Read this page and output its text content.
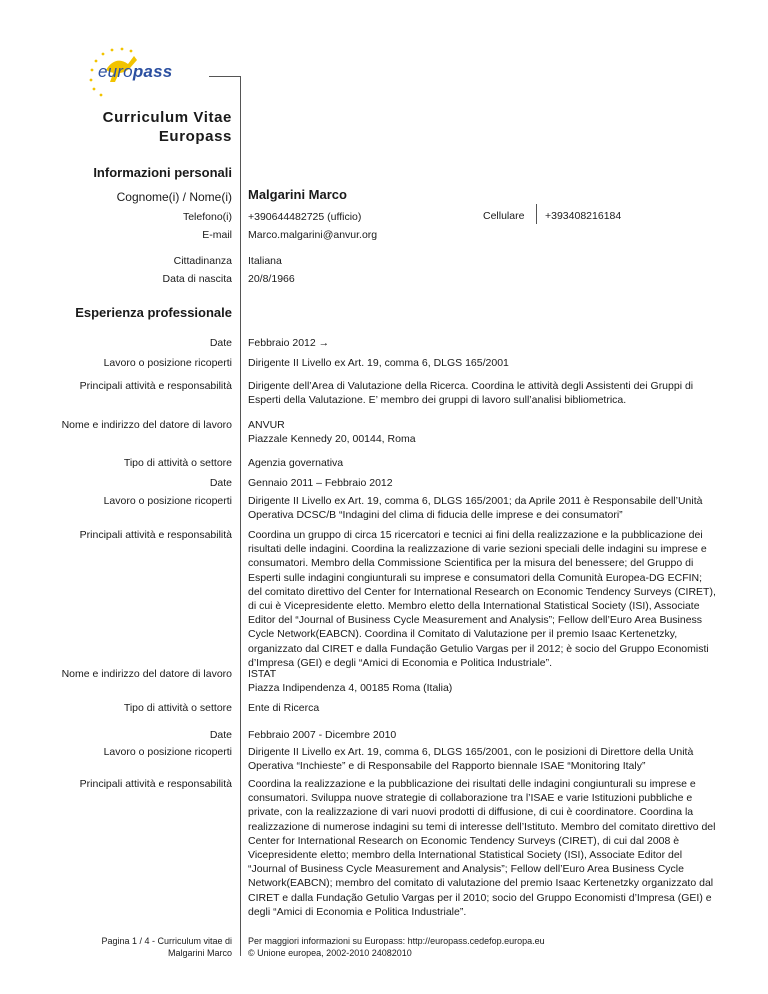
europass
Curriculum Vitae
Europass
Informazioni personali
Cognome(i) / Nome(i) Malgarini Marco
Telefono(i) +390644482725 (ufficio)	Cellulare +393408216184
E-mail Marco.malgarini@anvur.org
Cittadinanza Italiana
Data di nascita 20/8/1966
Esperienza professionale
Date Febbraio 2012 →
Lavoro o posizione ricoperti Dirigente II Livello ex Art. 19, comma 6, DLGS 165/2001
Principali attività e responsabilità Dirigente dell’Area di Valutazione della Ricerca. Coordina le attività degli Assistenti dei Gruppi di Esperti della Valutazione. E’ membro dei gruppi di lavoro sull’analisi bibliometrica.
Nome e indirizzo del datore di lavoro ANVUR
Piazzale Kennedy 20, 00144, Roma
Tipo di attività o settore Agenzia governativa
Date Gennaio 2011 – Febbraio 2012
Lavoro o posizione ricoperti Dirigente II Livello ex Art. 19, comma 6, DLGS 165/2001; da Aprile 2011 è Responsabile dell’Unità Operativa DCSC/B “Indagini del clima di fiducia delle imprese e dei consumatori”
Principali attività e responsabilità Coordina un gruppo di circa 15 ricercatori e tecnici ai fini della realizzazione e la pubblicazione dei risultati delle indagini. Coordina la realizzazione di varie sezioni speciali delle indagini su imprese e consumatori. Membro della Commissione Scientifica per la misura del benessere; del Gruppo di Esperti sulle indagini congiunturali su imprese e consumatori della Comunità Europea-DG ECFIN; del comitato direttivo del Center for International Research on Economic Tendency Surveys (CIRET), di cui è Vicepresidente eletto. Membro eletto della International Statistical Society (ISI), Associate Editor del “Journal of Business Cycle Measurement and Analysis”; Fellow dell’Euro Area Business Cycle Network(EABCN). Coordina il Comitato di Valutazione per il premio Isaac Kertenetzky, organizzato dal CIRET e dalla Fundação Getulio Vargas per il 2012; è socio del Gruppo Economisti d’Impresa (GEI) e degli “Amici di Economia e Politica Industriale”.
Nome e indirizzo del datore di lavoro ISTAT
Piazza Indipendenza 4, 00185 Roma (Italia)
Tipo di attività o settore Ente di Ricerca
Date Febbraio 2007 - Dicembre 2010
Lavoro o posizione ricoperti Dirigente II Livello ex Art. 19, comma 6, DLGS 165/2001, con le posizioni di Direttore della Unità Operativa “Inchieste” e di Responsabile del Rapporto biennale ISAE “Monitoring Italy”
Principali attività e responsabilità Coordina la realizzazione e la pubblicazione dei risultati delle indagini congiunturali su imprese e consumatori. Sviluppa nuove strategie di collaborazione tra l’ISAE e varie Istituzioni pubbliche e private, con la realizzazione di vari nuovi prodotti di diffusione, di cui è coordinatore. Coordina la realizzazione di numerose indagini su temi di interesse dell’Istituto. Membro del comitato direttivo del Center for International Research on Economic Tendency Surveys (CIRET), di cui dal 2008 è Vicepresidente eletto; membro della International Statistical Society (ISI), Associate Editor del “Journal of Business Cycle Measurement and Analysis”; Fellow dell’Euro Area Business Cycle Network(EABCN); membro del comitato di valutazione del premio Isaac Kertenetzky organizzato dal CIRET e dalla Fundação Getulio Vargas per il 2010; socio del Gruppo Economisti d’Impresa (GEI) e degli “Amici di Economia e Politica Industriale”.
Pagina 1 / 4 - Curriculum vitae di
Malgarini Marco
Per maggiori informazioni su Europass: http://europass.cedefop.europa.eu
© Unione europea, 2002-2010 24082010
